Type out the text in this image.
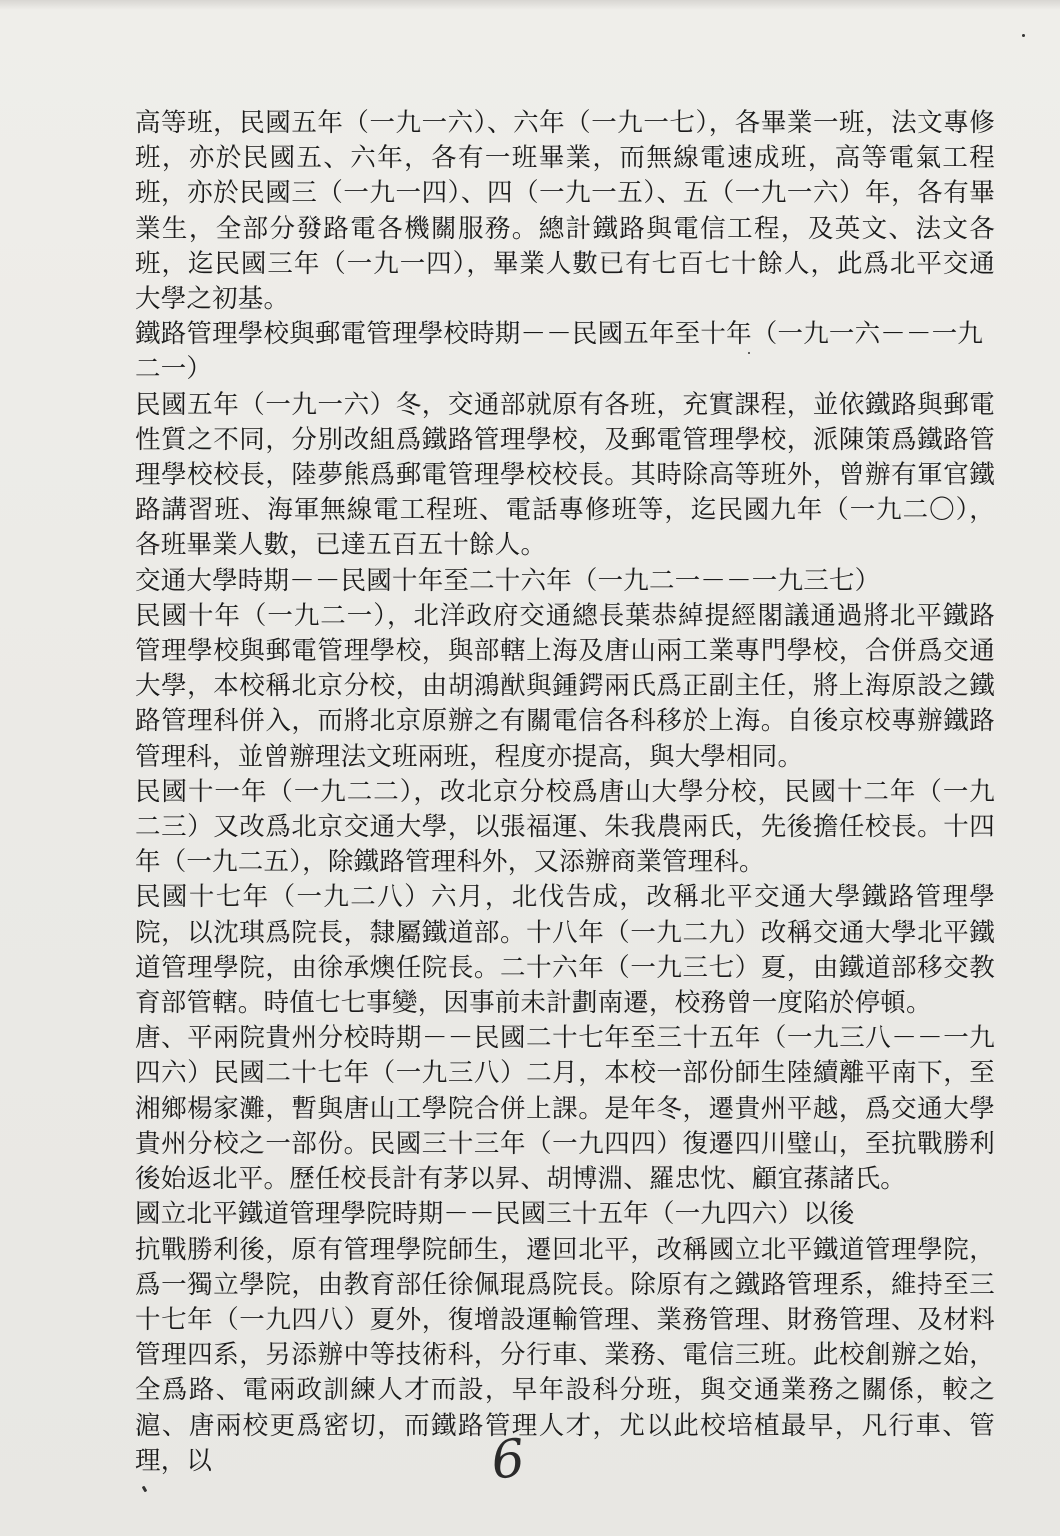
高等班，民國五年（一九一六）、六年（一九一七），各畢業一班，法文專修班，亦於民國五、六年，各有一班畢業，而無線電速成班，高等電氣工程班，亦於民國三（一九一四）、四（一九一五）、五（一九一六）年，各有畢業生，全部分發路電各機關服務。總計鐵路與電信工程，及英文、法文各班，迄民國三年（一九一四），畢業人數已有七百七十餘人，此爲北平交通大學之初基。

鐵路管理學校與郵電管理學校時期－－民國五年至十年（一九一六－－一九二一）

民國五年（一九一六）冬，交通部就原有各班，充實課程，並依鐵路與郵電性質之不同，分別改組爲鐵路管理學校，及郵電管理學校，派陳策爲鐵路管理學校校長，陸夢熊爲郵電管理學校校長。其時除高等班外，曾辦有軍官鐵路講習班、海軍無線電工程班、電話專修班等，迄民國九年（一九二〇），各班畢業人數，已達五百五十餘人。

交通大學時期－－民國十年至二十六年（一九二一－－一九三七）

民國十年（一九二一），北洋政府交通總長葉恭綽提經閣議通過將北平鐵路管理學校與郵電管理學校，與部轄上海及唐山兩工業專門學校，合併爲交通大學，本校稱北京分校，由胡鴻猷與鍾鍔兩氏爲正副主任，將上海原設之鐵路管理科併入，而將北京原辦之有關電信各科移於上海。自後京校專辦鐵路管理科，並曾辦理法文班兩班，程度亦提高，與大學相同。

民國十一年（一九二二），改北京分校爲唐山大學分校，民國十二年（一九二三）又改爲北京交通大學，以張福運、朱我農兩氏，先後擔任校長。十四年（一九二五），除鐵路管理科外，又添辦商業管理科。

民國十七年（一九二八）六月，北伐告成，改稱北平交通大學鐵路管理學院，以沈琪爲院長，隸屬鐵道部。十八年（一九二九）改稱交通大學北平鐵道管理學院，由徐承燠任院長。二十六年（一九三七）夏，由鐵道部移交教育部管轄。時值七七事變，因事前未計劃南遷，校務曾一度陷於停頓。

唐、平兩院貴州分校時期－－民國二十七年至三十五年（一九三八－－一九四六）民國二十七年（一九三八）二月，本校一部份師生陸續離平南下，至湘鄉楊家灘，暫與唐山工學院合併上課。是年冬，遷貴州平越，爲交通大學貴州分校之一部份。民國三十三年（一九四四）復遷四川璧山，至抗戰勝利後始返北平。歷任校長計有茅以昇、胡博淵、羅忠忱、顧宜蓀諸氏。

國立北平鐵道管理學院時期－－民國三十五年（一九四六）以後

抗戰勝利後，原有管理學院師生，遷回北平，改稱國立北平鐵道管理學院，爲一獨立學院，由教育部任徐佩琨爲院長。除原有之鐵路管理系，維持至三十七年（一九四八）夏外，復增設運輸管理、業務管理、財務管理、及材料管理四系，另添辦中等技術科，分行車、業務、電信三班。此校創辦之始，全爲路、電兩政訓練人才而設，早年設科分班，與交通業務之關係，較之滬、唐兩校更爲密切，而鐵路管理人才，尤以此校培植最早，凡行車、管理，以	6
